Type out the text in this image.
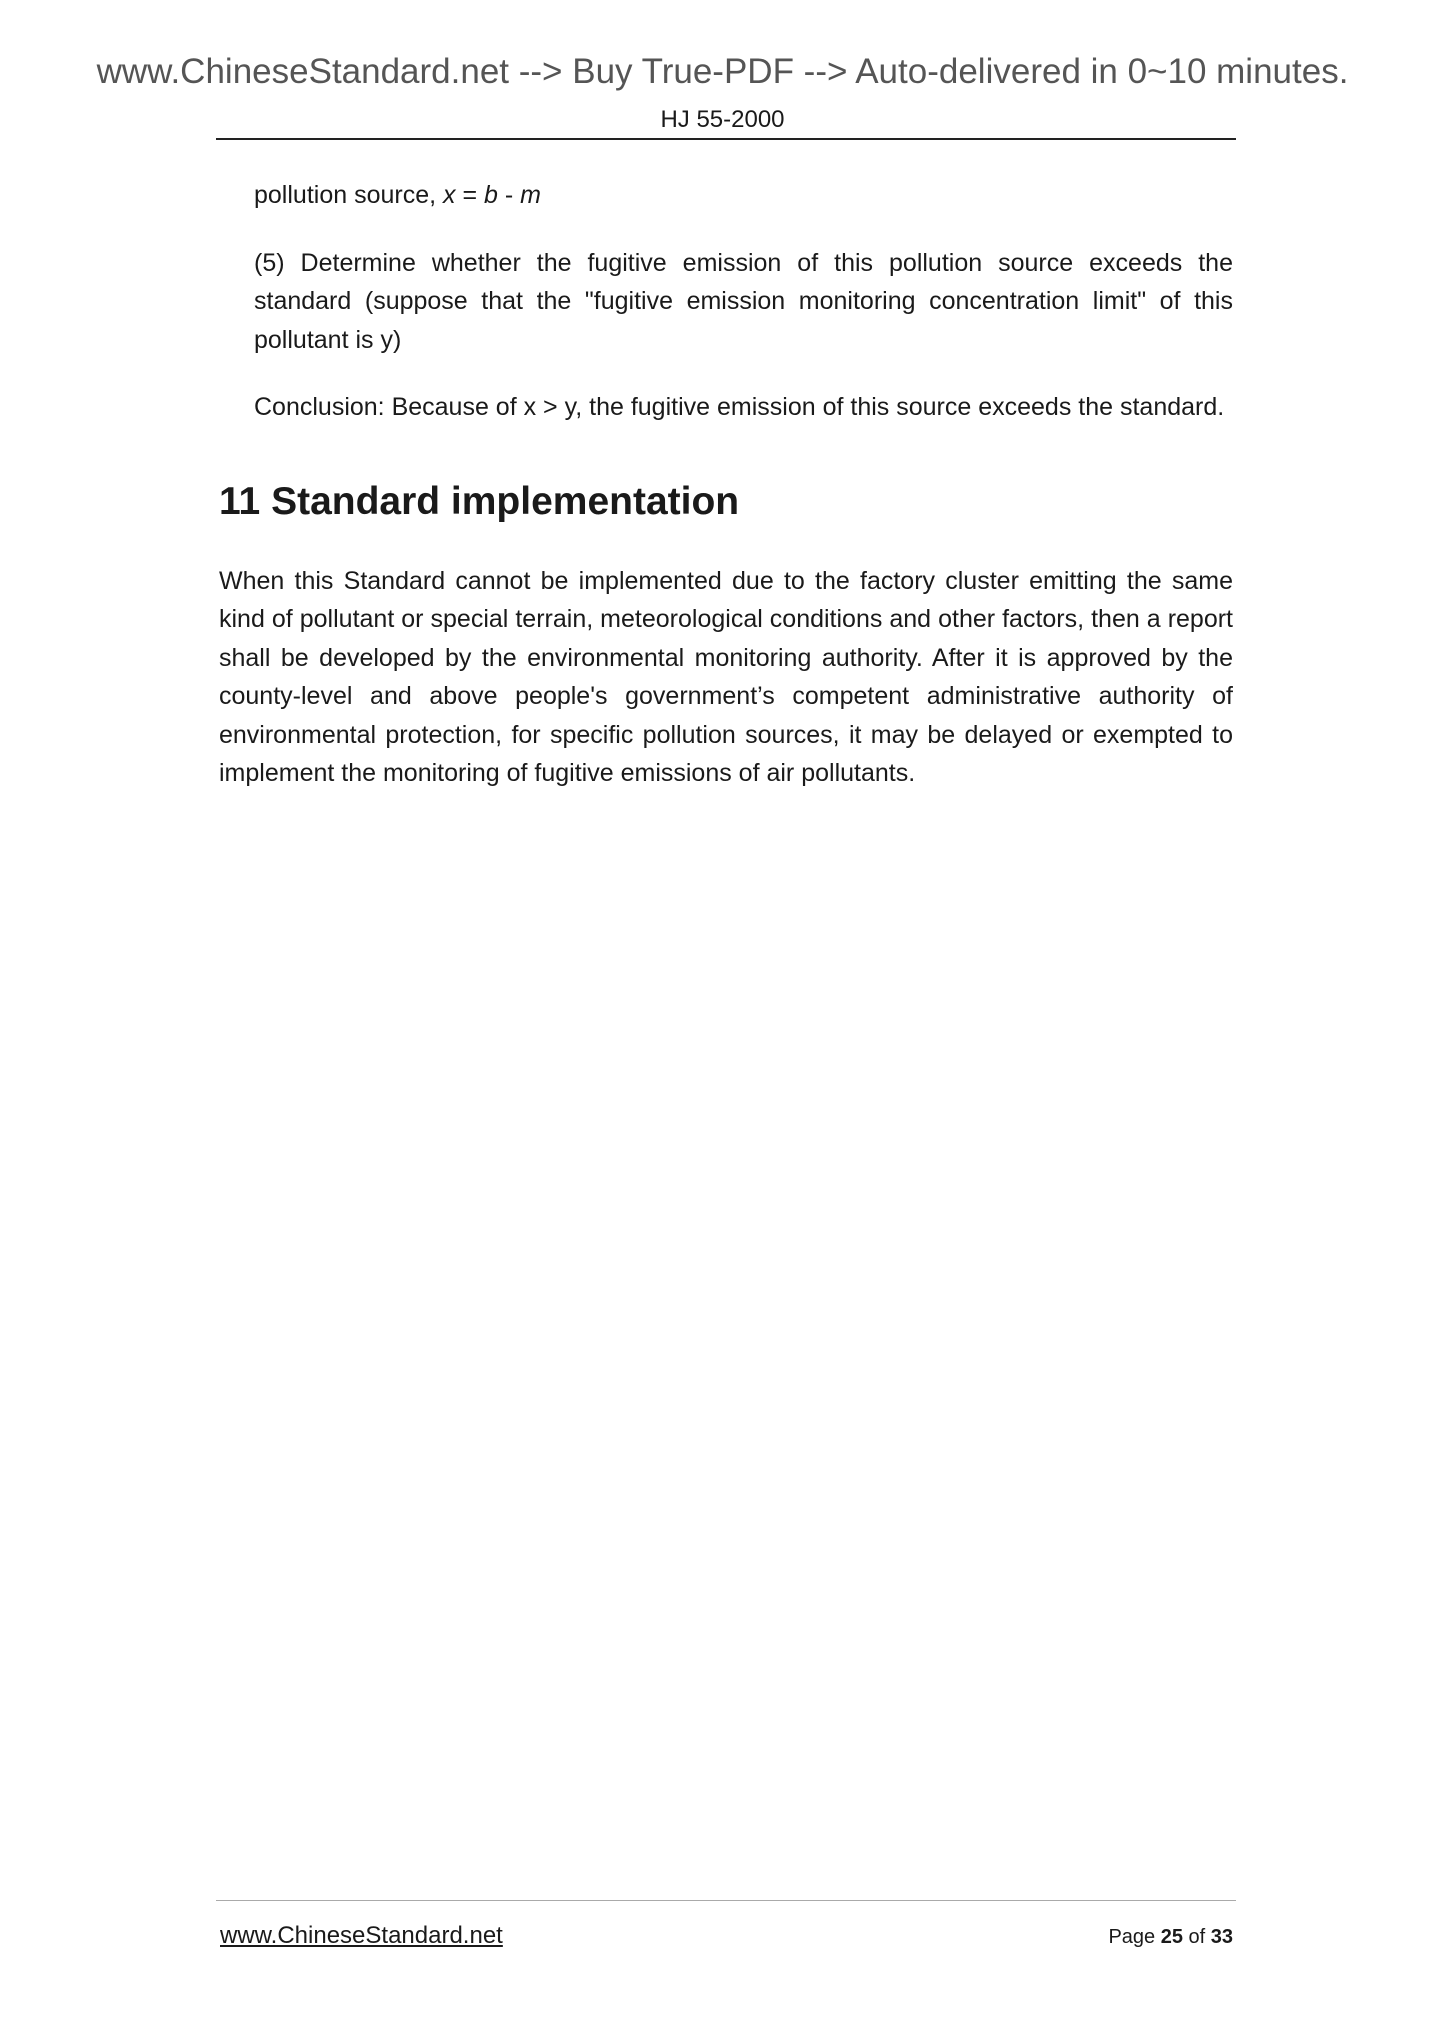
www.ChineseStandard.net --> Buy True-PDF --> Auto-delivered in 0~10 minutes.
HJ 55-2000

pollution source, x = b - m

(5) Determine whether the fugitive emission of this pollution source exceeds the standard (suppose that the "fugitive emission monitoring concentration limit" of this pollutant is y)

Conclusion: Because of x > y, the fugitive emission of this source exceeds the standard.

11 Standard implementation

When this Standard cannot be implemented due to the factory cluster emitting the same kind of pollutant or special terrain, meteorological conditions and other factors, then a report shall be developed by the environmental monitoring authority. After it is approved by the county-level and above people's government’s competent administrative authority of environmental protection, for specific pollution sources, it may be delayed or exempted to implement the monitoring of fugitive emissions of air pollutants.

www.ChineseStandard.net	Page 25 of 33
